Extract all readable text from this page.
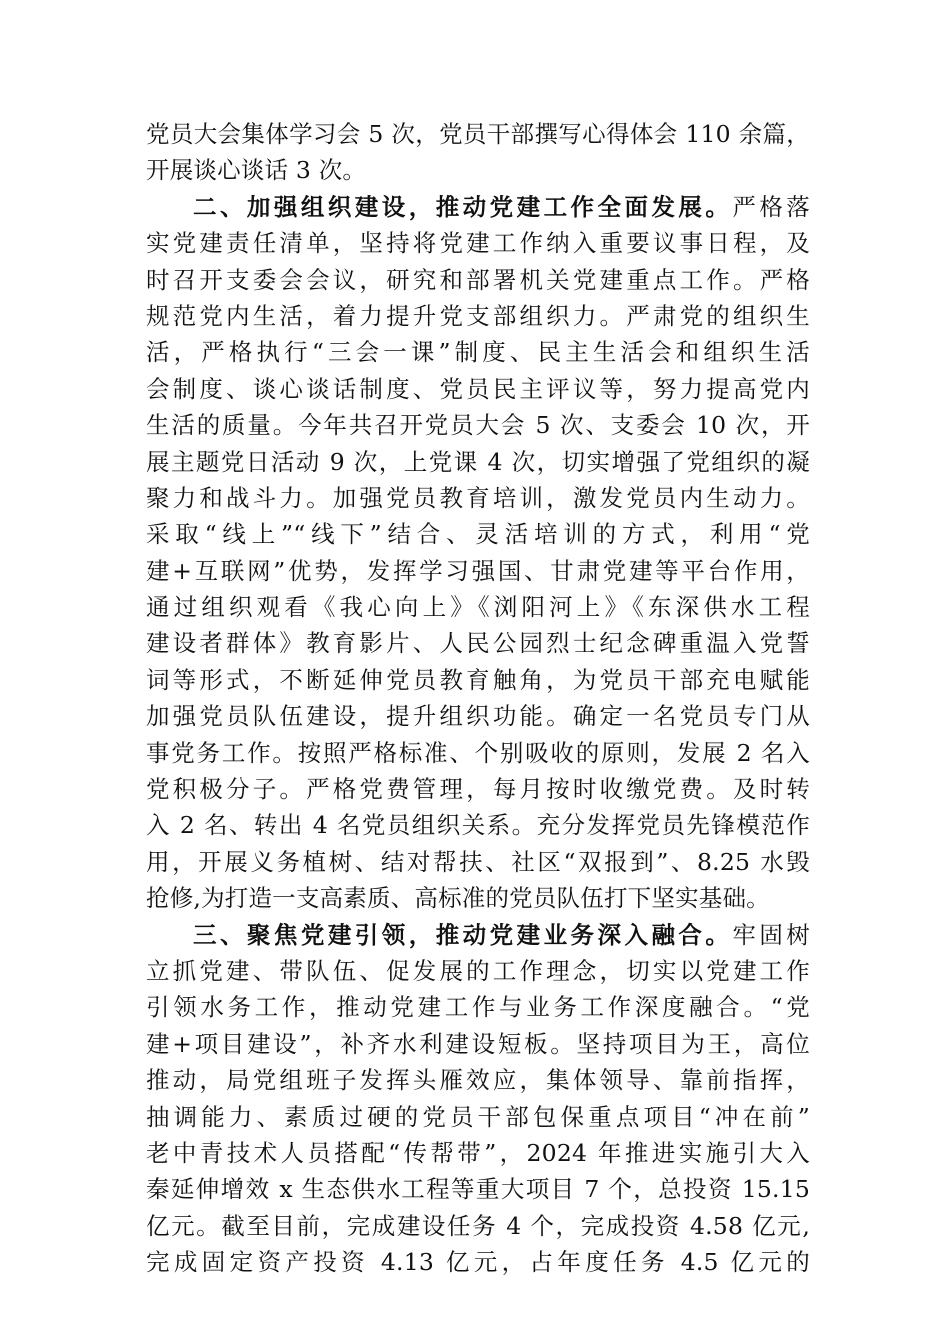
党员大会集体学习会 5 次，党员干部撰写心得体会 110 余篇，
开展谈心谈话 3 次。
二、加强组织建设，推动党建工作全面发展。严格落
实党建责任清单，坚持将党建工作纳入重要议事日程，及
时召开支委会会议，研究和部署机关党建重点工作。严格
规范党内生活，着力提升党支部组织力。严肃党的组织生
活，严格执行“三会一课”制度、民主生活会和组织生活
会制度、谈心谈话制度、党员民主评议等，努力提高党内
生活的质量。今年共召开党员大会 5 次、支委会 10 次，开
展主题党日活动 9 次，上党课 4 次，切实增强了党组织的凝
聚力和战斗力。加强党员教育培训，激发党员内生动力。
采取“线上”“线下”结合、灵活培训的方式，利用“党
建+互联网”优势，发挥学习强国、甘肃党建等平台作用，
通过组织观看《我心向上》《浏阳河上》《东深供水工程
建设者群体》教育影片、人民公园烈士纪念碑重温入党誓
词等形式，不断延伸党员教育触角，为党员干部充电赋能
加强党员队伍建设，提升组织功能。确定一名党员专门从
事党务工作。按照严格标准、个别吸收的原则，发展 2 名入
党积极分子。严格党费管理，每月按时收缴党费。及时转
入 2 名、转出 4 名党员组织关系。充分发挥党员先锋模范作
用，开展义务植树、结对帮扶、社区“双报到”、8.25 水毁
抢修,为打造一支高素质、高标准的党员队伍打下坚实基础。
三、聚焦党建引领，推动党建业务深入融合。牢固树
立抓党建、带队伍、促发展的工作理念，切实以党建工作
引领水务工作，推动党建工作与业务工作深度融合。“党
建+项目建设”，补齐水利建设短板。坚持项目为王，高位
推动，局党组班子发挥头雁效应，集体领导、靠前指挥，
抽调能力、素质过硬的党员干部包保重点项目“冲在前”
老中青技术人员搭配“传帮带”，2024 年推进实施引大入
秦延伸增效 x 生态供水工程等重大项目 7 个，总投资 15.15
亿元。截至目前，完成建设任务 4 个，完成投资 4.58 亿元,
完成固定资产投资 4.13 亿元，占年度任务 4.5 亿元的
